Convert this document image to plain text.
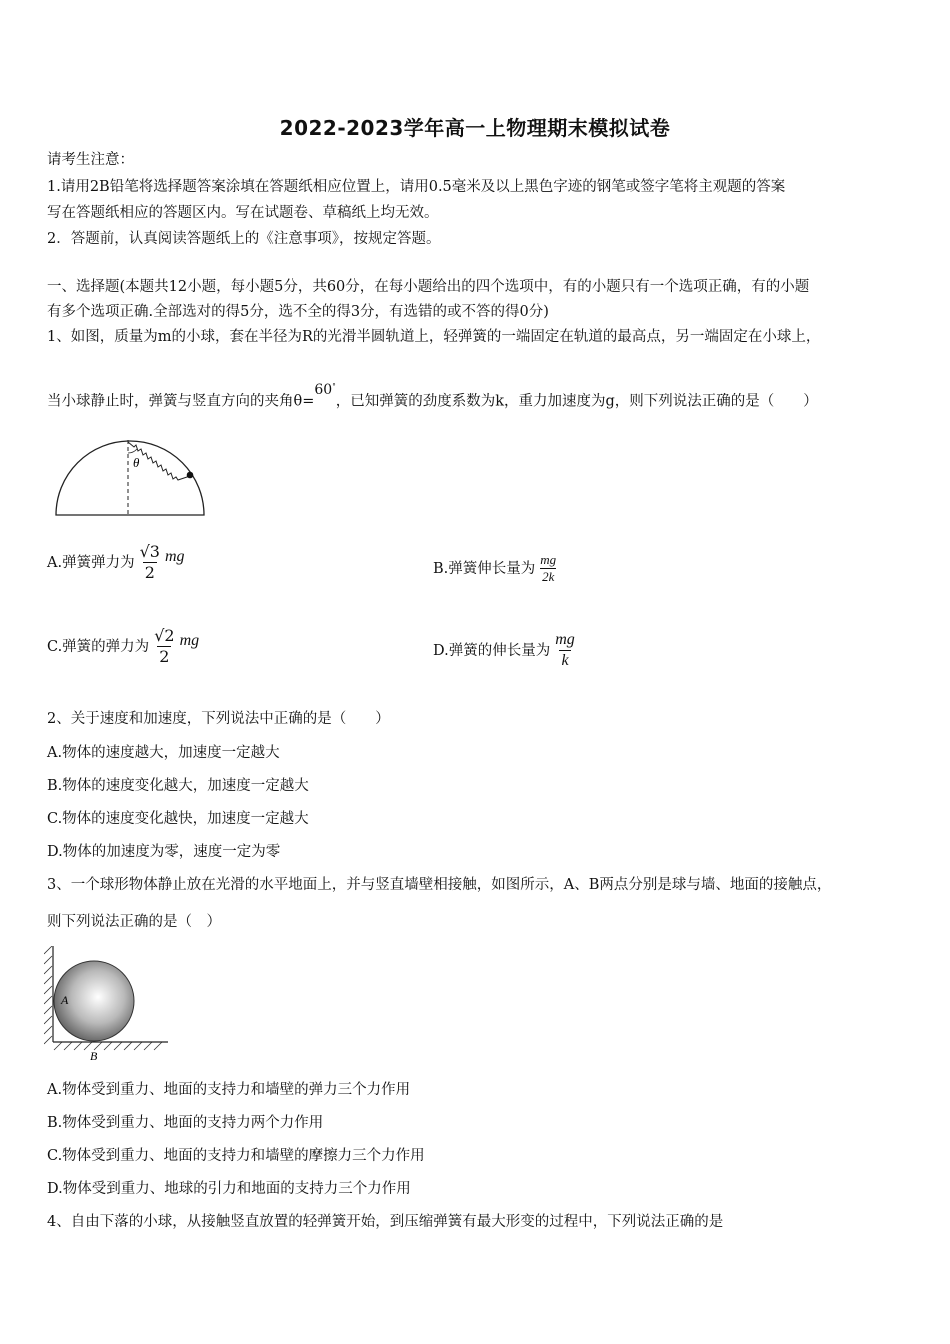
2022-2023学年高一上物理期末模拟试卷
请考生注意：
1.请用2B铅笔将选择题答案涂填在答题纸相应位置上，请用0.5毫米及以上黑色字迹的钢笔或签字笔将主观题的答案
写在答题纸相应的答题区内。写在试题卷、草稿纸上均无效。
2．答题前，认真阅读答题纸上的《注意事项》，按规定答题。
一、选择题(本题共12小题，每小题5分，共60分，在每小题给出的四个选项中，有的小题只有一个选项正确，有的小题
有多个选项正确.全部选对的得5分，选不全的得3分，有选错的或不答的得0分)
1、如图，质量为m的小球，套在半径为R的光滑半圆轨道上，轻弹簧的一端固定在轨道的最高点，另一端固定在小球上，
当小球静止时，弹簧与竖直方向的夹角θ=60°，已知弹簧的劲度系数为k，重力加速度为g，则下列说法正确的是（　　）
θ
A.弹簧弹力为 $\frac{√3}{2}$ mg
B.弹簧伸长量为 $\frac{mg}{2k}$
C.弹簧的弹力为 $\frac{√2}{2}$ mg
D.弹簧的伸长量为 $\frac{mg}{k}$
2、关于速度和加速度，下列说法中正确的是（　　）
A.物体的速度越大，加速度一定越大
B.物体的速度变化越大，加速度一定越大
C.物体的速度变化越快，加速度一定越大
D.物体的加速度为零，速度一定为零
3、一个球形物体静止放在光滑的水平地面上，并与竖直墙壁相接触，如图所示，A、B两点分别是球与墙、地面的接触点，
则下列说法正确的是（　）
A
B
A.物体受到重力、地面的支持力和墙壁的弹力三个力作用
B.物体受到重力、地面的支持力两个力作用
C.物体受到重力、地面的支持力和墙壁的摩擦力三个力作用
D.物体受到重力、地球的引力和地面的支持力三个力作用
4、自由下落的小球，从接触竖直放置的轻弹簧开始，到压缩弹簧有最大形变的过程中，下列说法正确的是
